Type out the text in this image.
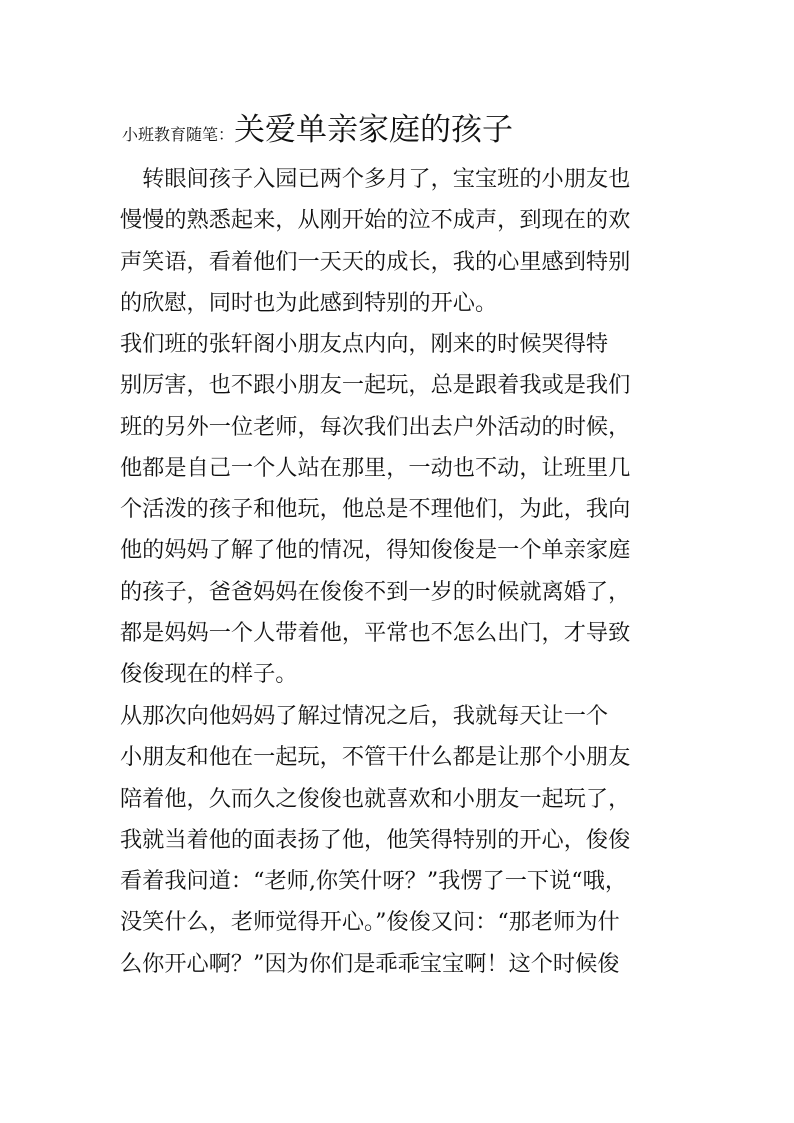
小班教育随笔：关爱单亲家庭的孩子
　转眼间孩子入园已两个多月了，宝宝班的小朋友也
慢慢的熟悉起来，从刚开始的泣不成声，到现在的欢
声笑语，看着他们一天天的成长，我的心里感到特别
的欣慰，同时也为此感到特别的开心。
我们班的张轩阁小朋友点内向，刚来的时候哭得特
别厉害，也不跟小朋友一起玩，总是跟着我或是我们
班的另外一位老师，每次我们出去户外活动的时候，
他都是自己一个人站在那里，一动也不动，让班里几
个活泼的孩子和他玩，他总是不理他们，为此，我向
他的妈妈了解了他的情况，得知俊俊是一个单亲家庭
的孩子，爸爸妈妈在俊俊不到一岁的时候就离婚了，
都是妈妈一个人带着他，平常也不怎么出门，才导致
俊俊现在的样子。
从那次向他妈妈了解过情况之后，我就每天让一个
小朋友和他在一起玩，不管干什么都是让那个小朋友
陪着他，久而久之俊俊也就喜欢和小朋友一起玩了，
我就当着他的面表扬了他，他笑得特别的开心，俊俊
看着我问道：“老师,你笑什呀？”我愣了一下说“哦，
没笑什么，老师觉得开心。”俊俊又问：“那老师为什
么你开心啊？”因为你们是乖乖宝宝啊！这个时候俊
